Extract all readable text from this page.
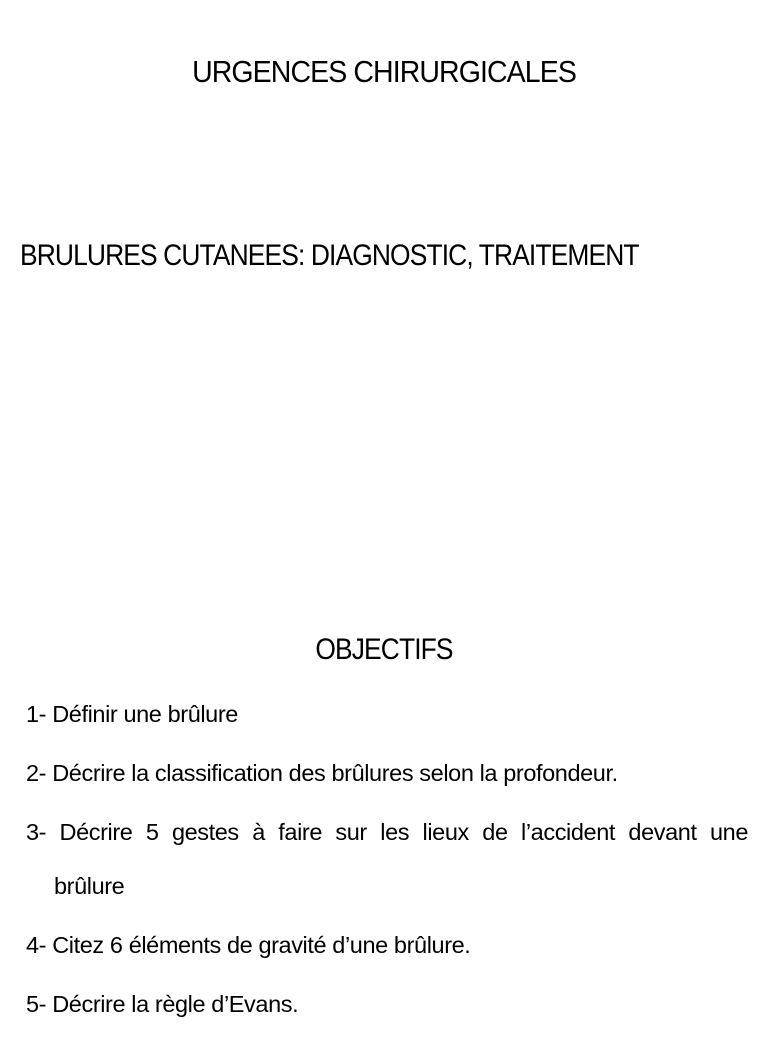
URGENCES CHIRURGICALES
BRULURES CUTANEES: DIAGNOSTIC, TRAITEMENT
OBJECTIFS
1- Définir une brûlure
2- Décrire la classification des brûlures selon la profondeur.
3- Décrire 5 gestes à faire sur les lieux de l’accident devant une
brûlure
4- Citez 6 éléments de gravité d’une brûlure.
5- Décrire la règle d’Evans.
